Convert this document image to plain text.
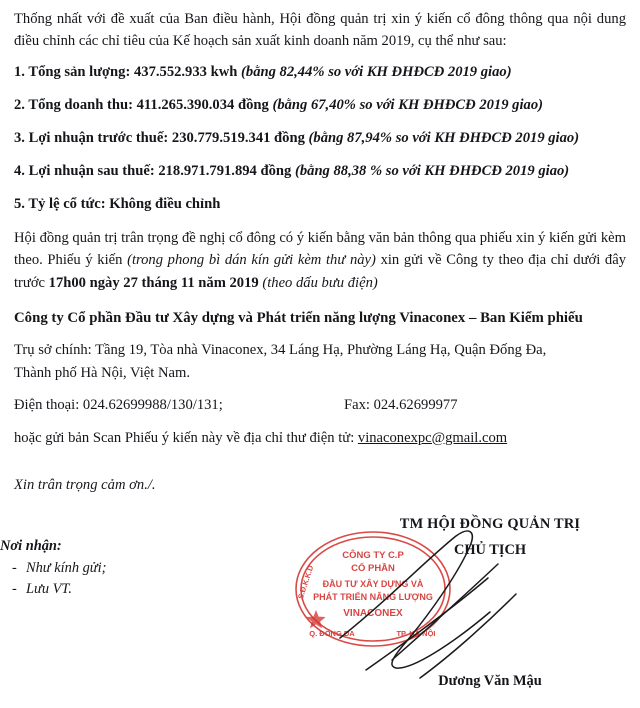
Thống nhất với đề xuất của Ban điều hành, Hội đồng quản trị xin ý kiến cổ đông thông qua nội dung điều chỉnh các chỉ tiêu của Kế hoạch sản xuất kinh doanh năm 2019, cụ thể như sau:

1. Tổng sản lượng: 437.552.933 kwh (bằng 82,44% so với KH ĐHĐCĐ 2019 giao)

2. Tổng doanh thu: 411.265.390.034 đồng (bằng 67,40% so với KH ĐHĐCĐ 2019 giao)

3. Lợi nhuận trước thuế: 230.779.519.341 đồng (bằng 87,94% so với KH ĐHĐCĐ 2019 giao)

4. Lợi nhuận sau thuế: 218.971.791.894 đồng (bằng 88,38 % so với KH ĐHĐCĐ 2019 giao)

5. Tỷ lệ cổ tức: Không điều chỉnh

Hội đồng quản trị trân trọng đề nghị cổ đông có ý kiến bằng văn bản thông qua phiếu xin ý kiến gửi kèm theo. Phiếu ý kiến (trong phong bì dán kín gửi kèm thư này) xin gửi về Công ty theo địa chỉ dưới đây trước 17h00 ngày 27 tháng 11 năm 2019 (theo dấu bưu điện)

Công ty Cổ phần Đầu tư Xây dựng và Phát triển năng lượng Vinaconex – Ban Kiểm phiếu

Trụ sở chính: Tầng 19, Tòa nhà Vinaconex, 34 Láng Hạ, Phường Láng Hạ, Quận Đống Đa,
Thành phố Hà Nội, Việt Nam.

Điện thoại: 024.62699988/130/131;	Fax: 024.62699977

hoặc gửi bản Scan Phiếu ý kiến này về địa chỉ thư điện tử: vinaconexpc@gmail.com

Xin trân trọng cảm ơn./.

Nơi nhận:
- Như kính gửi;
- Lưu VT.
TM HỘI ĐỒNG QUẢN TRỊ
CHỦ TỊCH
Dương Văn Mậu
CÔNG TY C.P
CỔ PHẦN
ĐẦU TƯ XÂY DỰNG VÀ
PHÁT TRIỂN NĂNG LƯỢNG
VINACONEX
S.Đ.K.K.D
Q. ĐỐNG ĐA	TP. HÀ NỘI
